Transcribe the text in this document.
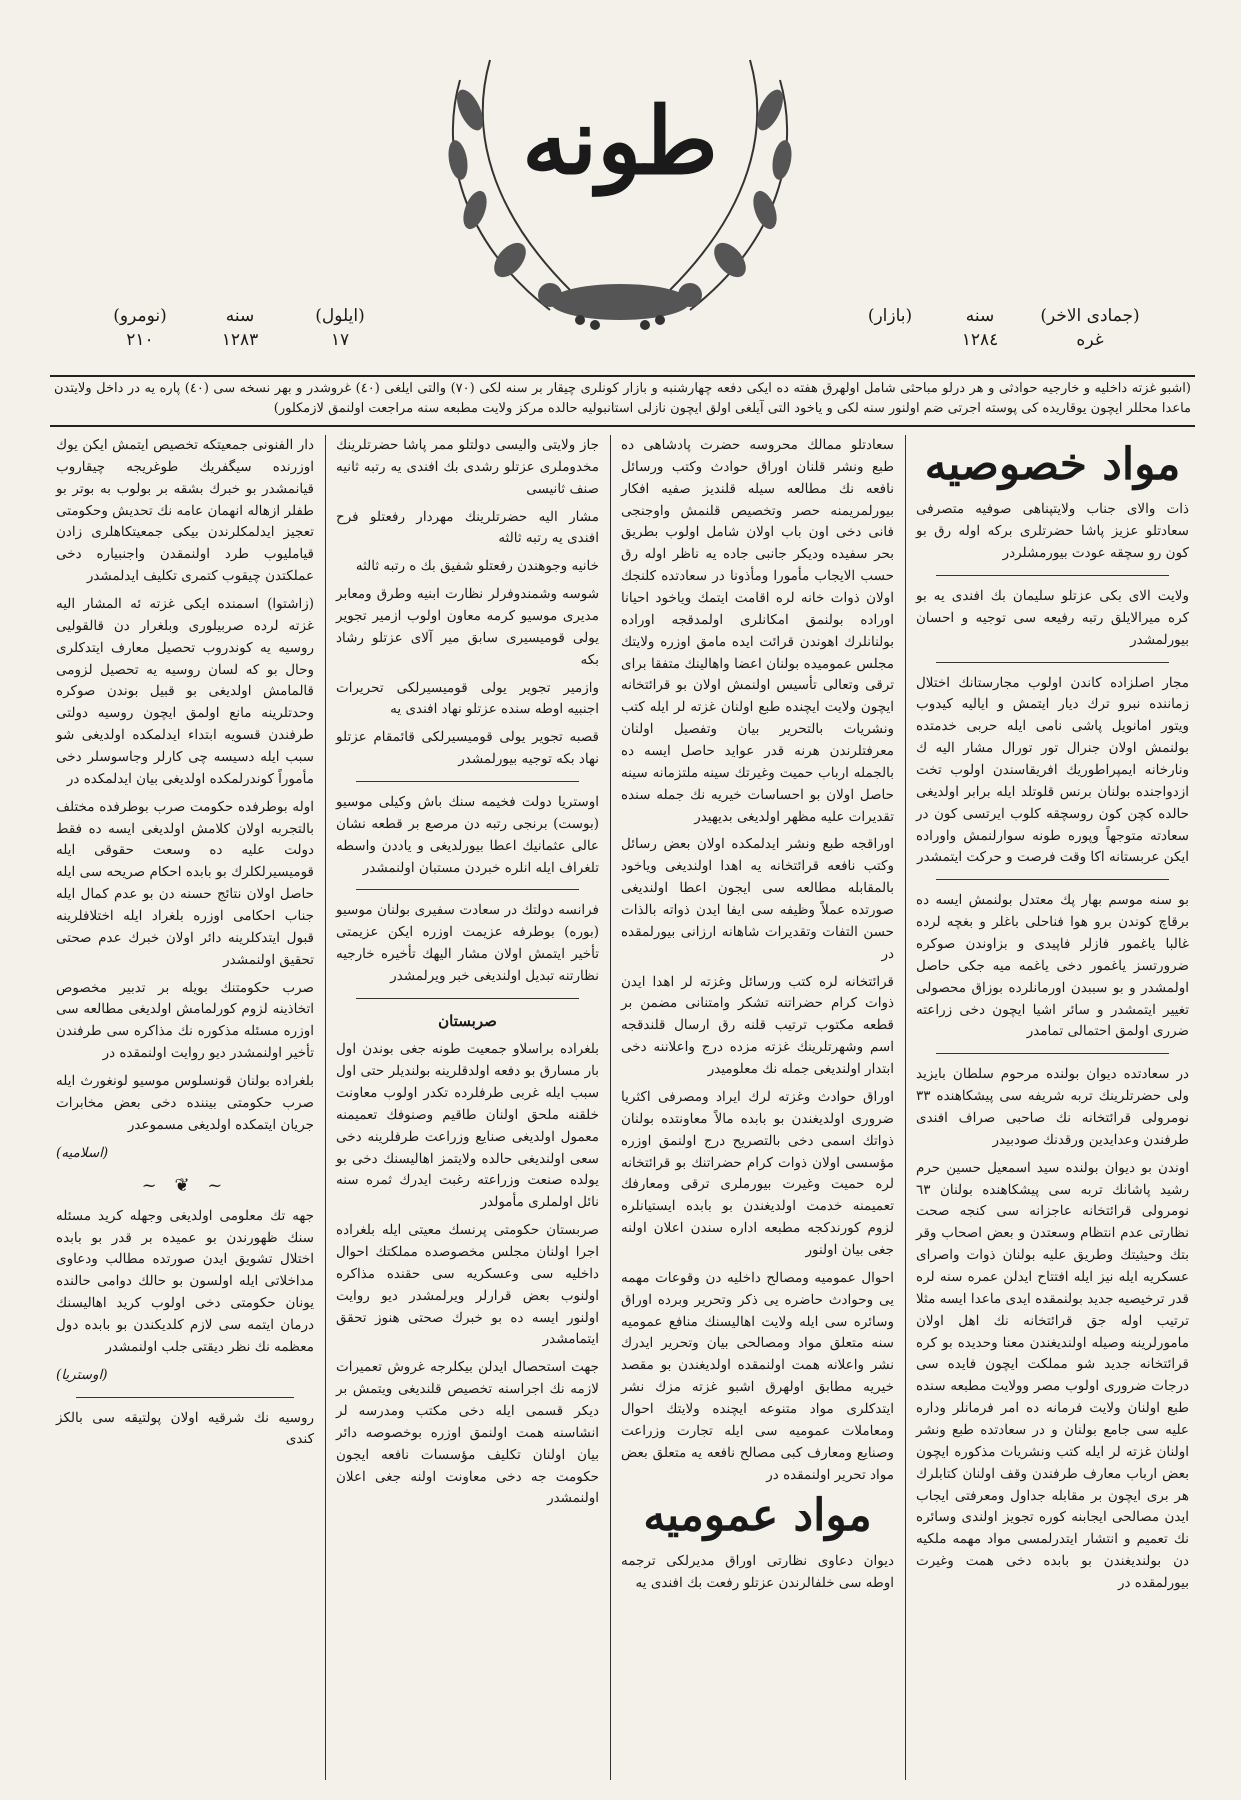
طونه
(نومرو)
٢١٠
سنه
١٢٨٣
(ايلول)
١٧
(بازار)	سنه
١٢٨٤
(جمادی الاخر)
غره
(اشبو غزته داخليه و خارجيه حوادثی و هر درلو مباحثی شامل اولهرق هفته ده ايكی دفعه چهارشنبه و بازار كونلری چيقار بر سنه لكی (٧٠) والتی ايلغی (٤٠) غروشدر و بهر نسخه سی (٤٠) پاره يه در داخل ولايتدن ماعدا محللر ايچون يوقاريده كی پوسته اجرتی ضم اولنور سنه لكی و ياخود التی آيلغی اولق ايچون نازلی استانبوليه حالده مركز ولايت مطبعه سنه مراجعت اولنمق لازمكلور)
مواد خصوصيه

ذات والای جناب ولايتپناهی صوفيه متصرفی سعادتلو عزيز پاشا حضرتلری بركه اوله رق بو كون رو سچقه عودت بيورمشلردر

ولايت الای بكی عزتلو سليمان بك افندی يه بو كره ميرالايلق رتبه رفيعه سی توجيه و احسان بيورلمشدر

مجار اصلزاده كاندن اولوب مجارستانك اختلال زماننده نبرو ترك ديار ايتمش و اياليه كيدوب ويتور امانويل پاشی نامی ايله حربی خدمتده بولنمش اولان جنرال تور تورال مشار اليه ك ونارخانه ايمپراطوريك افريقاسندن اولوب تخت ازدواجنده بولنان برنس قلوتلد ايله برابر اولديغی حالده كچن كون روسچقه كلوب ايرتسی كون در سعادته متوجهاً وپوره طونه سوارلنمش واوراده ايكن عربستانه اكا وقت فرصت و حركت ايتمشدر

بو سنه موسم بهار پك معتدل بولنمش ايسه ده برقاچ كوندن برو هوا فناحلی باغلر و بغچه لرده غالبا ياغمور فازلر فاپيدی و بزاوندن صوكره ضرورتسز ياغمور دخی ياغمه ميه جكی حاصل اولمشدر و بو سببدن اورمانلرده بوزاق محصولی تغيير ايتمشدر و سائر اشيا ايچون دخی زراعته ضرری اولمق احتمالی تمامدر

در سعادتده ديوان بولنده مرحوم سلطان بايزيد ولی حضرتلرينك تربه شريفه سی پيشكاهنده ٣٣ نومرولی قرائتخانه نك صاحبی صراف افندی طرفندن وعدايدين ورقدنك صودبيدر

اوندن بو ديوان بولنده سيد اسمعيل حسين حرم رشيد پاشانك تربه سی پيشكاهنده بولنان ٦٣ نومرولی قرائتخانه عاجزانه سی كنجه صحت نظارتی عدم انتظام وسعتدن و بعض اصحاب وقر بتك وحيثيتك وطريق عليه بولنان ذوات واصرای عسكريه ايله نيز ايله افتتاح ايدلن عمره سنه لره قدر ترخيصيه جديد بولنمقده ايدی ماعدا ايسه مثلا ترتيب اوله جق قرائتخانه نك اهل اولان مامورلرينه وصيله اولنديغندن معنا وحديده بو كره قرائتخانه جديد شو مملكت ايچون فايده سی درجات ضروری اولوب مصر وولايت مطبعه سنده طبع اولنان ولايت فرمانه ده امر فرمانلر وداره عليه سی جامع بولنان و در سعادتده طبع ونشر اولنان غزته لر ايله كتب ونشريات مذكوره ايچون بعض ارباب معارف طرفندن وقف اولنان كتابلرك هر بری ايچون بر مقابله جداول ومعرفتی ايجاب ايدن مصالحی ايجابنه كوره تجويز اولندی وسائره نك تعميم و انتشار ايتدرلمسی مواد مهمه ملكيه دن بولنديغندن بو بابده دخی همت وغيرت بيورلمقده در

سعادتلو ممالك محروسه حضرت پادشاهی ده طبع ونشر قلنان اوراق حوادث وكتب ورسائل نافعه نك مطالعه سيله قلنديز صفيه افكار بيورلمريمنه حصر وتخصيص قلنمش واوجنجی فانی دخی اون باب اولان شامل اولوب بطريق بحر سفيده وديكر جانبی جاده يه ناظر اوله رق حسب الايجاب مأمورا ومأذونا در سعادتده كلنجك اولان ذوات خانه لره اقامت ايتمك وياخود احيانا اوراده بولنمق امكانلری اولمدقجه اوراده بولنانلرك اهوندن قرائت ايده مامق اوزره ولايتك مجلس عموميده بولنان اعضا واهالینك متفقا برای ترقی وتعالی تأسيس اولنمش اولان بو قرائتخانه ايچون ولايت ايچنده طبع اولنان غزته لر ايله كتب ونشريات بالتحرير بيان وتفصيل اولنان معرفتلرندن هرنه قدر عوايد حاصل ايسه ده بالجمله ارباب حميت وغيرتك سينه ملتزمانه سينه حاصل اولان بو احساسات خيريه نك جمله سنده تقديرات عليه مظهر اولديغی بديهيدر

اوراقجه طبع ونشر ايدلمكده اولان بعض رسائل وكتب نافعه قرائتخانه يه اهدا اولنديغی وياخود بالمقابله مطالعه سی ايجون اعطا اولنديغی صورتده عملاً وظيفه سی ايفا ايدن ذواته بالذات حسن التفات وتقديرات شاهانه ارزانی بيورلمقده در

قرائتخانه لره كتب ورسائل وغزته لر اهدا ايدن ذوات كرام حضراتنه تشكر وامتنانی مضمن بر قطعه مكتوب ترتيب قلنه رق ارسال قلندقجه اسم وشهرتلرينك غزته مزده درج واعلاننه دخی ابتدار اولنديغی جمله نك معلوميدر

اوراق حوادث وغزته لرك ايراد ومصرفی اكثريا ضروری اولديغندن بو بابده مالاً معاونتده بولنان ذواتك اسمی دخی بالتصريح درج اولنمق اوزره مؤسسی اولان ذوات كرام حضراتنك بو قرائتخانه لره حميت وغيرت بيورملری ترقی ومعارفك تعميمنه خدمت اولديغندن بو بابده ايستيانلره لزوم كورندكجه مطبعه اداره سندن اعلان اولنه جغی بيان اولنور

احوال عموميه ومصالح داخليه دن وقوعات مهمه يی وحوادث حاضره يی ذكر وتحرير وبرده اوراق وسائره سی ايله ولايت اهالیسنك منافع عموميه سنه متعلق مواد ومصالحی بيان وتحرير ايدرك نشر واعلانه همت اولنمقده اولديغندن بو مقصد خيريه مطابق اولهرق اشبو غزته مزك نشر ايتدكلری مواد متنوعه ايچنده ولايتك احوال ومعاملات عموميه سی ايله تجارت وزراعت وصنايع ومعارف كبی مصالح نافعه يه متعلق بعض مواد تحرير اولنمقده در

مواد عموميه

ديوان دعاوی نظارتی اوراق مديرلكی ترجمه اوطه سی خلفالرندن عزتلو رفعت بك افندی يه

جاز ولايتی والیسی دولتلو ممر پاشا حضرتلرينك مخدوملری عزتلو رشدی بك افندی يه رتبه ثانيه صنف ثانيسی

مشار اليه حضرتلرينك مهردار رفعتلو فرح افندی يه رتبه ثالثه

خانيه وجوهندن رفعتلو شفيق بك ه رتبه ثالثه

شوسه وشمندوفرلر نظارت ابنيه وطرق ومعابر مديری موسيو كرمه معاون اولوب ازمير تجوير يولی قوميسيری سابق مير آلای عزتلو رشاد بكه

وازمير تجوير يولی قوميسيرلكی تحريرات اجنبيه اوطه سنده عزتلو نهاد افندی يه

قصبه تجوير يولی قوميسيرلكی قائمقام عزتلو نهاد بكه توجيه بيورلمشدر

اوستريا دولت فخيمه سنك باش وكيلی موسيو (بوست) برنجی رتبه دن مرصع بر قطعه نشان عالی عثمانيك اعطا بيورلديغی و ياددن واسطه تلغراف ايله انلره خبردن مستبان اولنمشدر

فرانسه دولتك در سعادت سفيری بولنان موسيو (بوره) بوطرفه عزيمت اوزره ايكن عزيمتی تأخير ايتمش اولان مشار اليهك تأخيره خارجيه نظارتنه تبديل اولنديغی خبر ويرلمشدر

صربستان

بلغراده براسلاو جمعيت طونه جغی بوندن اول بار مسارق بو دفعه اولدقلرينه بولنديلر حتی اول سبب ايله غربی طرفلرده تكدر اولوب معاونت خلقنه ملحق اولنان طاقيم وصنوفك تعميمنه معمول اولديغی صنايع وزراعت طرفلرينه دخی سعی اولنديغی حالده ولايتمز اهالیسنك دخی بو يولده صنعت وزراعته رغبت ايدرك ثمره سنه نائل اولملری مأمولدر

صربستان حكومتی پرنسك معيتی ايله بلغراده اجرا اولنان مجلس مخصوصده مملكتك احوال داخليه سی وعسكريه سی حقنده مذاكره اولنوب بعض قرارلر ويرلمشدر ديو روايت اولنور ايسه ده بو خبرك صحتی هنوز تحقق ايتمامشدر

جهت استحصال ايدلن بيكلرجه غروش تعميرات لازمه نك اجراسنه تخصيص قلنديغی ويتمش بر ديكر قسمی ايله دخی مكتب ومدرسه لر انشاسنه همت اولنمق اوزره بوخصوصه دائر بيان اولنان تكليف مؤسسات نافعه ايجون حكومت جه دخی معاونت اولنه جغی اعلان اولنمشدر

دار الفنونی جمعيتكه تخصيص ايتمش ايكن يوك اوزرنده سيگفريك طوغريجه چيقاروب قيانمشدر بو خبرك بشقه بر بولوب به بوتر بو طفلر ازهاله انهمان عامه نك تحديش وحكومتی تعجيز ايدلمكلرندن بيكی جمعيتكاهلری زادن قيامليوب طرد اولنمقدن واجنبياره دخی عملكتدن چيقوب كتمری تكليف ايدلمشدر

(زاشتوا) اسمنده ايكی غزته ئه المشار اليه غزته لرده صربيلوری وبلغرار دن قالقوليی روسيه يه كوندروب تحصيل معارف ايتدكلری وحال بو كه لسان روسيه يه تحصيل لزومی قالمامش اولديغی بو قبيل بوندن صوكره وحدتلرينه مانع اولمق ايچون روسيه دولتی طرفندن قسويه ابتداء ايدلمكده اولديغی شو سبب ايله دسيسه چی كارلر وجاسوسلر دخی مأموراً كوندرلمكده اولديغی بيان ايدلمكده در

اوله بوطرفده حكومت صرب بوطرفده مختلف بالتجربه اولان كلامش اولديغی ايسه ده فقط دولت عليه ده وسعت حقوقی ايله قوميسيرلكلرك بو بابده احكام صريحه سی ايله حاصل اولان نتائج حسنه دن بو عدم كمال ايله جناب احكامی اوزره بلغراد ايله اختلافلرينه قبول ايتدكلرينه دائر اولان خبرك عدم صحتی تحقيق اولنمشدر

صرب حكومتنك بويله بر تدبير مخصوص اتخاذينه لزوم كورلمامش اولديغی مطالعه سی اوزره مسئله مذكوره نك مذاكره سی طرفندن تأخير اولنمشدر ديو روايت اولنمقده در

بلغراده بولنان قونسلوس موسيو لونغورث ايله صرب حكومتی بيننده دخی بعض مخابرات جريان ايتمكده اولديغی مسموعدر

(اسلاميه)
~ ❦ ~

جهه تك معلومی اولديغی وجهله كريد مسئله سنك ظهورندن بو عميده بر قدر بو بابده اختلال تشويق ايدن صورتده مطالب ودعاوی مداخلاتی ايله اولسون بو حالك دوامی حالنده يونان حكومتی دخی اولوب كريد اهالیسنك درمان ايتمه سی لازم كلديكندن بو بابده دول معظمه نك نظر ديقتی جلب اولنمشدر

(اوستريا)

روسيه نك شرقيه اولان پولتيقه سی بالكز كندی
